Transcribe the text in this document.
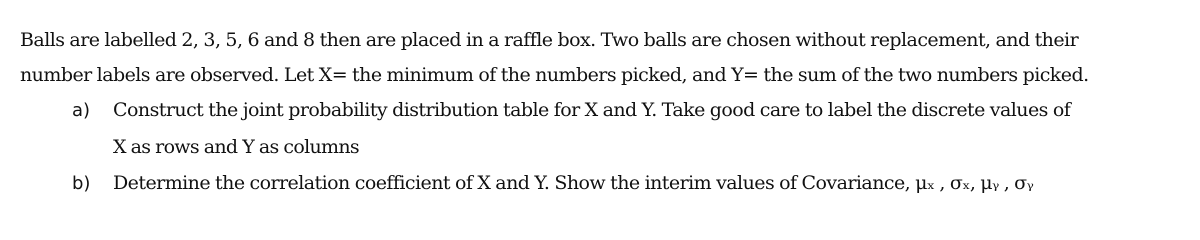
Balls are labelled 2, 3, 5, 6 and 8 then are placed in a raffle box. Two balls are chosen without replacement, and their
number labels are observed. Let X= the minimum of the numbers picked, and Y= the sum of the two numbers picked.
a) Construct the joint probability distribution table for X and Y. Take good care to label the discrete values of
X as rows and Y as columns
b) Determine the correlation coefficient of X and Y. Show the interim values of Covariance, μₓ , σₓ, μᵧ , σᵧ
